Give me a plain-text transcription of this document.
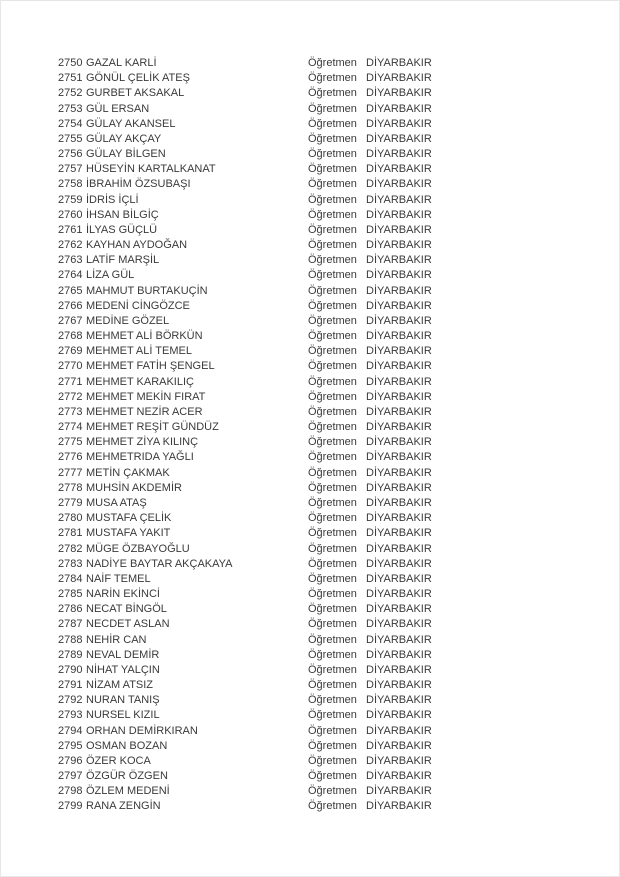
2750 GAZAL KARLİ	Öğretmen DİYARBAKIR
2751 GÖNÜL ÇELİK ATEŞ	Öğretmen DİYARBAKIR
2752 GURBET AKSAKAL	Öğretmen DİYARBAKIR
2753 GÜL ERSAN	Öğretmen DİYARBAKIR
2754 GÜLAY AKANSEL	Öğretmen DİYARBAKIR
2755 GÜLAY AKÇAY	Öğretmen DİYARBAKIR
2756 GÜLAY BİLGEN	Öğretmen DİYARBAKIR
2757 HÜSEYİN KARTALKANAT	Öğretmen DİYARBAKIR
2758 İBRAHİM ÖZSUBAŞI	Öğretmen DİYARBAKIR
2759 İDRİS İÇLİ	Öğretmen DİYARBAKIR
2760 İHSAN BİLGİÇ	Öğretmen DİYARBAKIR
2761 İLYAS GÜÇLÜ	Öğretmen DİYARBAKIR
2762 KAYHAN AYDOĞAN	Öğretmen DİYARBAKIR
2763 LATİF MARŞİL	Öğretmen DİYARBAKIR
2764 LİZA GÜL	Öğretmen DİYARBAKIR
2765 MAHMUT BURTAKUÇİN	Öğretmen DİYARBAKIR
2766 MEDENİ CİNGÖZCE	Öğretmen DİYARBAKIR
2767 MEDİNE GÖZEL	Öğretmen DİYARBAKIR
2768 MEHMET ALİ BÖRKÜN	Öğretmen DİYARBAKIR
2769 MEHMET ALİ TEMEL	Öğretmen DİYARBAKIR
2770 MEHMET FATİH ŞENGEL	Öğretmen DİYARBAKIR
2771 MEHMET KARAKILIÇ	Öğretmen DİYARBAKIR
2772 MEHMET MEKİN FIRAT	Öğretmen DİYARBAKIR
2773 MEHMET NEZİR ACER	Öğretmen DİYARBAKIR
2774 MEHMET REŞİT GÜNDÜZ	Öğretmen DİYARBAKIR
2775 MEHMET ZİYA KILINÇ	Öğretmen DİYARBAKIR
2776 MEHMETRIDA YAĞLI	Öğretmen DİYARBAKIR
2777 METİN ÇAKMAK	Öğretmen DİYARBAKIR
2778 MUHSİN AKDEMİR	Öğretmen DİYARBAKIR
2779 MUSA ATAŞ	Öğretmen DİYARBAKIR
2780 MUSTAFA ÇELİK	Öğretmen DİYARBAKIR
2781 MUSTAFA YAKIT	Öğretmen DİYARBAKIR
2782 MÜGE ÖZBAYOĞLU	Öğretmen DİYARBAKIR
2783 NADİYE BAYTAR AKÇAKAYA	Öğretmen DİYARBAKIR
2784 NAİF TEMEL	Öğretmen DİYARBAKIR
2785 NARİN EKİNCİ	Öğretmen DİYARBAKIR
2786 NECAT BİNGÖL	Öğretmen DİYARBAKIR
2787 NECDET ASLAN	Öğretmen DİYARBAKIR
2788 NEHİR CAN	Öğretmen DİYARBAKIR
2789 NEVAL DEMİR	Öğretmen DİYARBAKIR
2790 NİHAT YALÇIN	Öğretmen DİYARBAKIR
2791 NİZAM ATSIZ	Öğretmen DİYARBAKIR
2792 NURAN TANIŞ	Öğretmen DİYARBAKIR
2793 NURSEL KIZIL	Öğretmen DİYARBAKIR
2794 ORHAN DEMİRKIRAN	Öğretmen DİYARBAKIR
2795 OSMAN BOZAN	Öğretmen DİYARBAKIR
2796 ÖZER KOCA	Öğretmen DİYARBAKIR
2797 ÖZGÜR ÖZGEN	Öğretmen DİYARBAKIR
2798 ÖZLEM MEDENİ	Öğretmen DİYARBAKIR
2799 RANA ZENGİN	Öğretmen DİYARBAKIR
